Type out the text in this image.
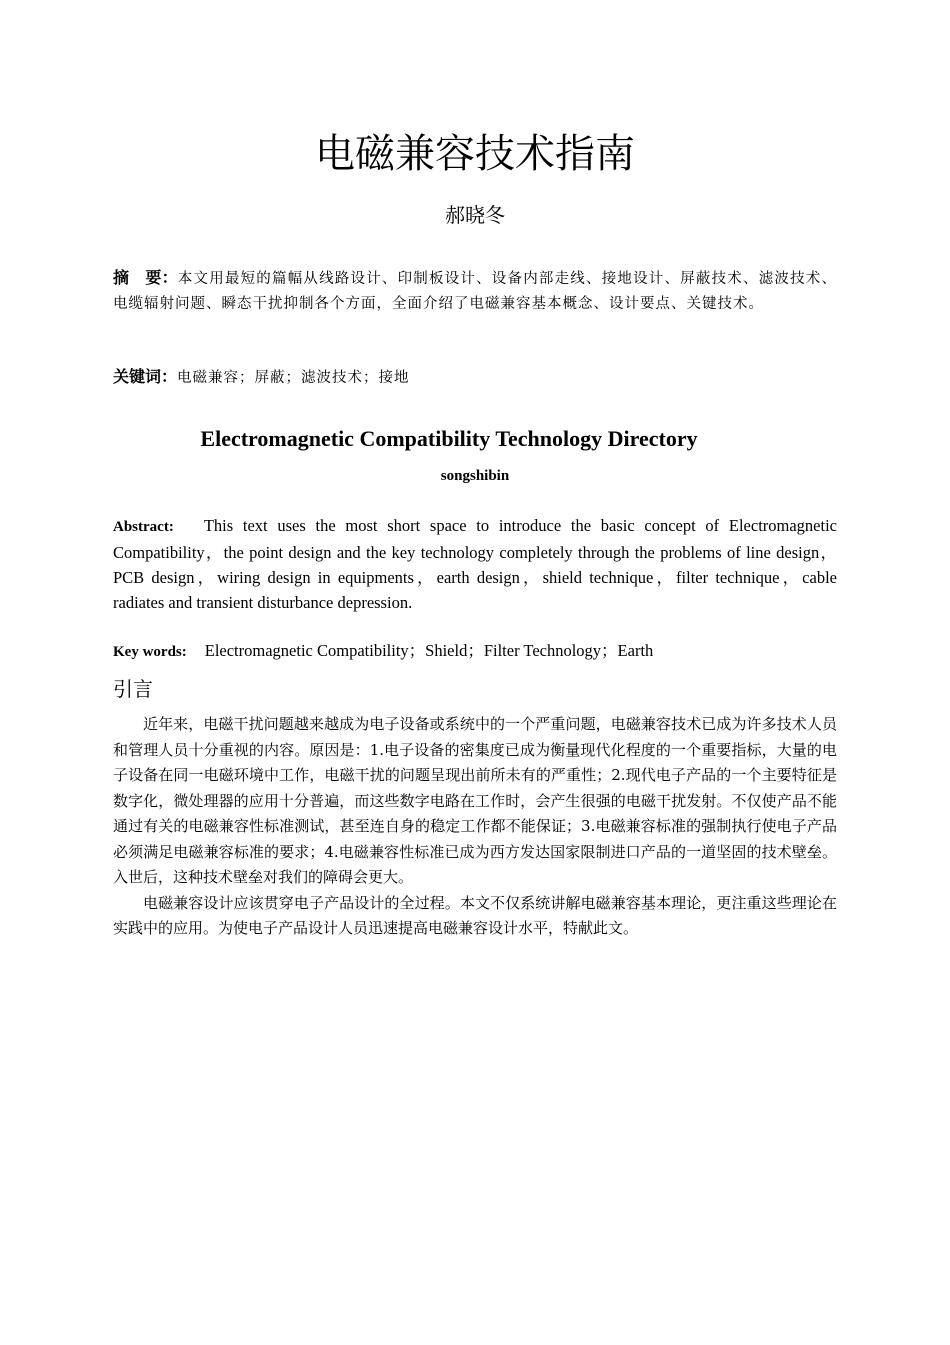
电磁兼容技术指南
郝晓冬

摘　要：本文用最短的篇幅从线路设计、印制板设计、设备内部走线、接地设计、屏蔽技术、滤波技术、电缆辐射问题、瞬态干扰抑制各个方面，全面介绍了电磁兼容基本概念、设计要点、关键技术。

关键词：电磁兼容；屏蔽；滤波技术；接地

Electromagnetic Compatibility Technology Directory
songshibin

Abstract: This text uses the most short space to introduce the basic concept of Electromagnetic Compatibility，the point design and the key technology completely through the problems of line design，PCB design，wiring design in equipments，earth design，shield technique，filter technique，cable radiates and transient disturbance depression.

Key words: Electromagnetic Compatibility；Shield；Filter Technology；Earth

引言

近年来，电磁干扰问题越来越成为电子设备或系统中的一个严重问题，电磁兼容技术已成为许多技术人员和管理人员十分重视的内容。原因是：1.电子设备的密集度已成为衡量现代化程度的一个重要指标，大量的电子设备在同一电磁环境中工作，电磁干扰的问题呈现出前所未有的严重性；2.现代电子产品的一个主要特征是数字化，微处理器的应用十分普遍，而这些数字电路在工作时，会产生很强的电磁干扰发射。不仅使产品不能通过有关的电磁兼容性标准测试，甚至连自身的稳定工作都不能保证；3.电磁兼容标准的强制执行使电子产品必须满足电磁兼容标准的要求；4.电磁兼容性标准已成为西方发达国家限制进口产品的一道坚固的技术壁垒。入世后，这种技术壁垒对我们的障碍会更大。

电磁兼容设计应该贯穿电子产品设计的全过程。本文不仅系统讲解电磁兼容基本理论，更注重这些理论在实践中的应用。为使电子产品设计人员迅速提高电磁兼容设计水平，特献此文。
